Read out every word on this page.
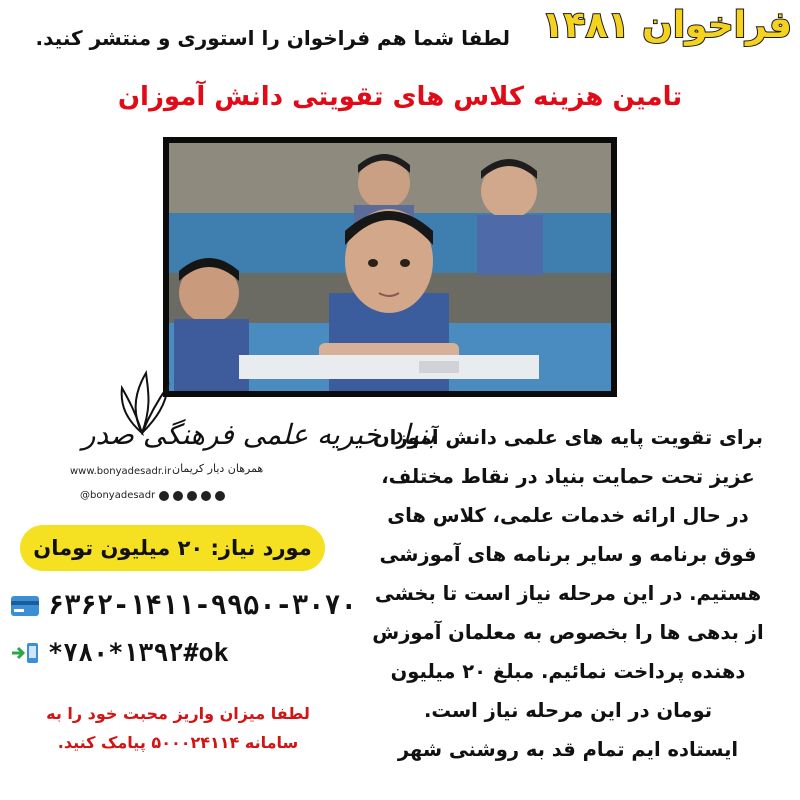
فراخوان ۱۴۸۱
لطفا شما هم فراخوان را استوری و منتشر کنید.
تامین هزینه کلاس های تقویتی دانش آموزان
بنیاد خیریه علمی فرهنگی صدر
www.bonyadesadr.ir همرهان دیار کریمان
@bonyadesadr
مورد نیاز: ۲۰ میلیون تومان
۶۳۶۲-۱۴۱۱-۹۹۵۰-۳۰۷۰
*۷۸۰*۱۳۹۲#ok
لطفا میزان واریز محبت خود را به
سامانه ۵۰۰۰۲۴۱۱۴ پیامک کنید.
برای تقویت پایه های علمی دانش آموزان
عزیز تحت حمایت بنیاد در نقاط مختلف،
در حال ارائه خدمات علمی، کلاس های
فوق برنامه و سایر برنامه های آموزشی
هستیم. در این مرحله نیاز است تا بخشی
از بدهی ها را بخصوص به معلمان آموزش
دهنده پرداخت نمائیم. مبلغ ۲۰ میلیون
تومان در این مرحله نیاز است.
ایستاده ایم تمام قد به روشنی شهر
